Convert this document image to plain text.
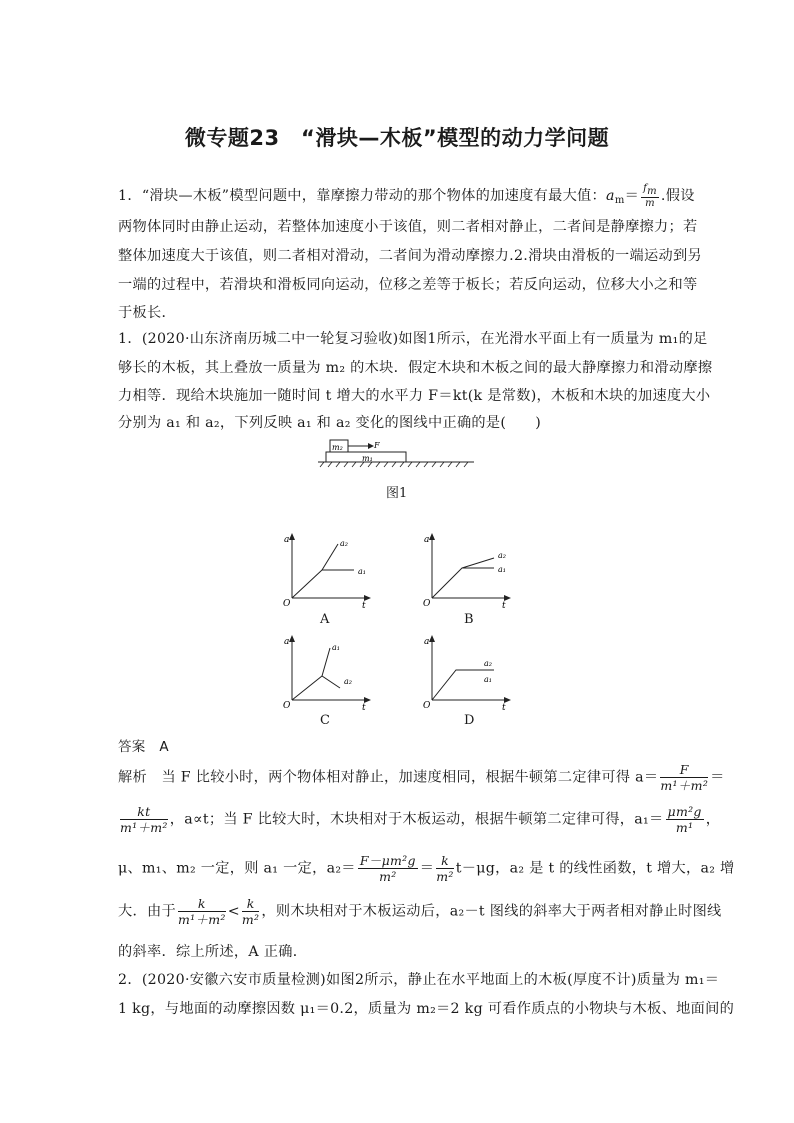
微专题23　“滑块—木板”模型的动力学问题
1．“滑块—木板”模型问题中，靠摩擦力带动的那个物体的加速度有最大值：$a_m= \frac{fm}{m}$ .假设
两物体同时由静止运动，若整体加速度小于该值，则二者相对静止，二者间是静摩擦力；若
整体加速度大于该值，则二者相对滑动，二者间为滑动摩擦力.2.滑块由滑板的一端运动到另
一端的过程中，若滑块和滑板同向运动，位移之差等于板长；若反向运动，位移大小之和等
于板长．
1．(2020·山东济南历城二中一轮复习验收)如图1所示，在光滑水平面上有一质量为 m₁的足
够长的木板，其上叠放一质量为 m₂ 的木块．假定木块和木板之间的最大静摩擦力和滑动摩擦
力相等．现给木块施加一随时间 t 增大的水平力 F＝kt(k 是常数)，木板和木块的加速度大小
分别为 a₁ 和 a₂，下列反映 a₁ 和 a₂ 变化的图线中正确的是(　　)
m₂	F
m₁
图1
a
t
O
a₂
a₁
A
a
t
O
a₂
a₁
B
a
t
O
a₁
a₂
C
a
t
O
a₂
a₁
D
答案　 A
解析　当 F 比较小时，两个物体相对静止，加速度相同，根据牛顿第二定律可得 $a= \frac{F}{\text{m¹＋m²}}$ ＝
$\frac{kt}{\text{m¹＋m²}}$ ，a∝t；当 F 比较大时，木块相对于木板运动，根据牛顿第二定律可得，$a_1= \frac{\text{μm²g}}{\text{m¹}}$ ，
μ、m₁、m₂ 一定，则 a₁ 一定，$a_2= \frac{\text{F－μm²g}}{\text{m²}} = \frac{k}{\text{m²}} t-\mu g$，a₂ 是 t 的线性函数，t 增大，a₂ 增
大．由于 $\frac{k}{\text{m¹＋m²}} < \frac{k}{\text{m²}}$ ，则木块相对于木板运动后，a₂－t 图线的斜率大于两者相对静止时图线
的斜率．综上所述，A 正确．
2．(2020·安徽六安市质量检测)如图2所示，静止在水平地面上的木板(厚度不计)质量为 m₁＝
1 kg，与地面的动摩擦因数 μ₁＝0.2，质量为 m₂＝2 kg 可看作质点的小物块与木板、地面间的
